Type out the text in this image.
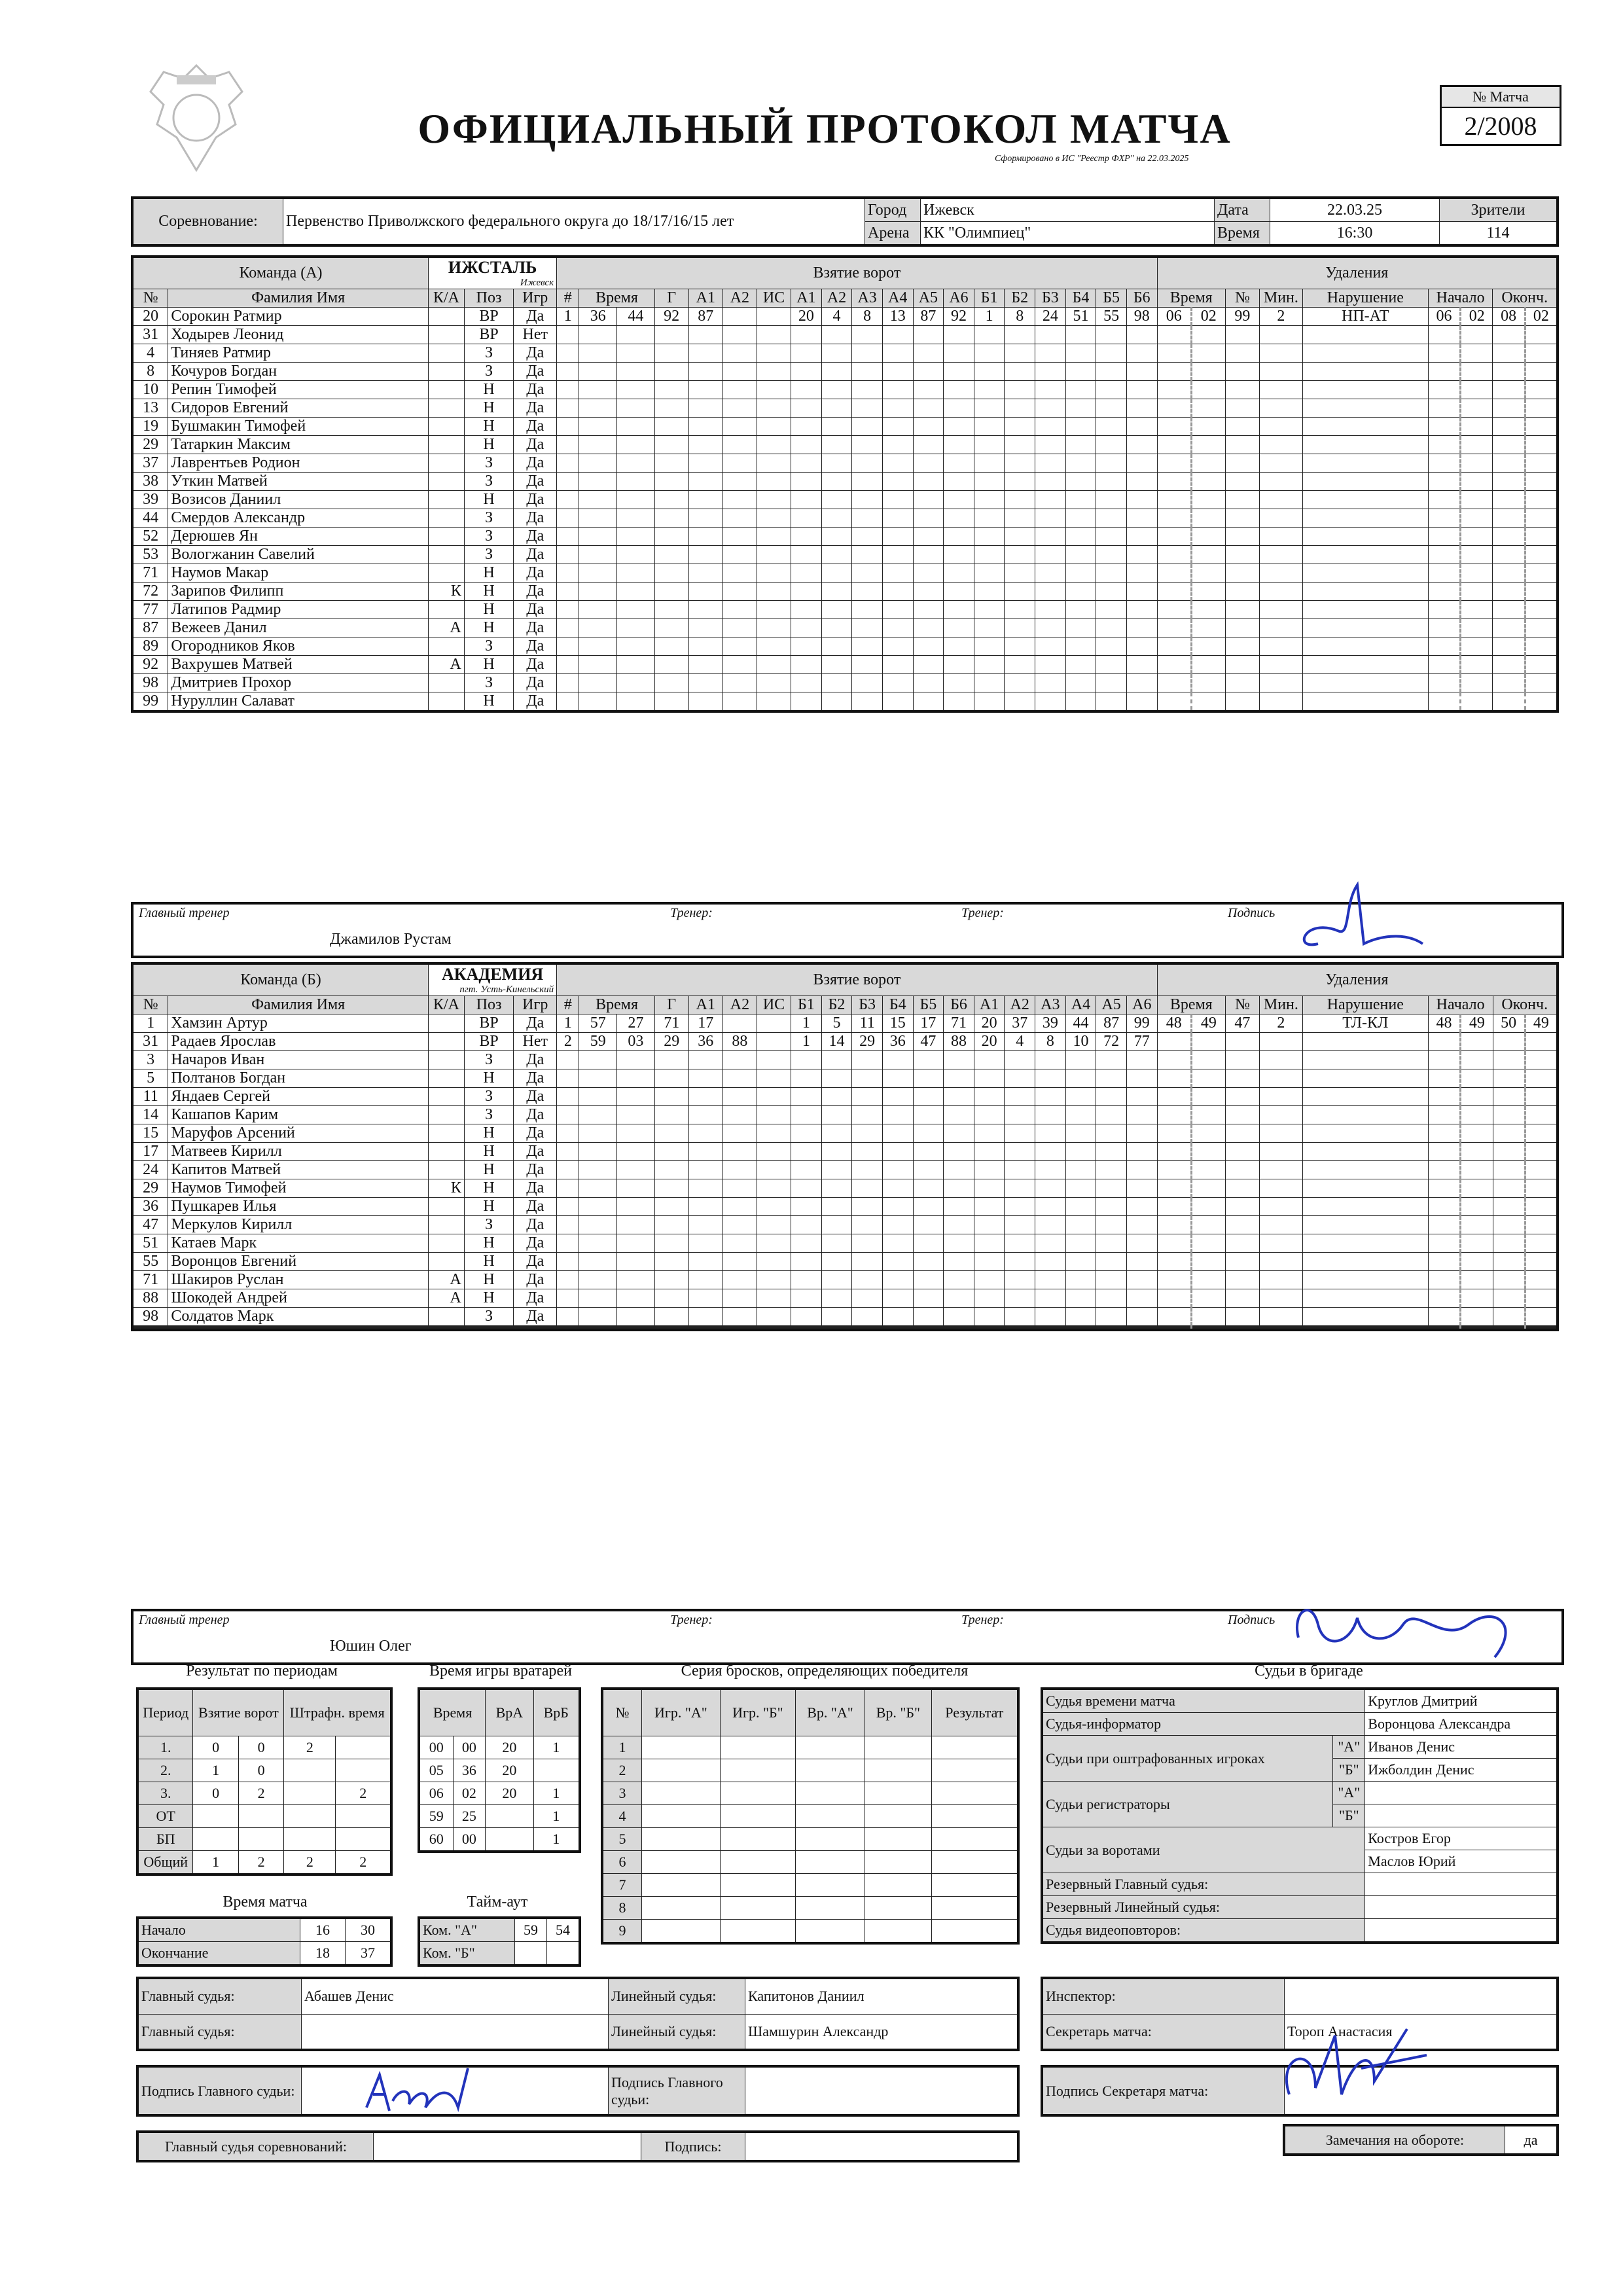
ОФИЦИАЛЬНЫЙ ПРОТОКОЛ МАТЧА
Сформировано в ИС "Реестр ФХР" на 22.03.2025
№ Матча
2/2008
Соревнование:	Первенство Приволжского федерального округа до 18/17/16/15 лет	Город	Ижевск	Дата	22.03.25	Зрители
		Арена	КК "Олимпиец"	Время	16:30	114
Команда (А)		ИЖСТАЛЬ
Ижевск			Взятие ворот																			Удаления								
№	Фамилия Имя	К/А	Поз	Игр	#	Время		Г	А1	А2	ИС	А1	А2	А3	А4	А5	А6	Б1	Б2	Б3	Б4	Б5	Б6	Время		№	Мин.	Нарушение	Начало		Оконч.	
20	Сорокин Ратмир		ВР	Да	1	36	44	92	87			20	4	8	13	87	92	1	8	24	51	55	98	06	02	99	2	НП-АТ	06	02	08	02
31	Ходырев Леонид		ВР	Нет																												
4	Тиняев Ратмир		З	Да																												
8	Кочуров Богдан		З	Да																												
10	Репин Тимофей		Н	Да																												
13	Сидоров Евгений		Н	Да																												
19	Бушмакин Тимофей		Н	Да																												
29	Татаркин Максим		Н	Да																												
37	Лаврентьев Родион		З	Да																												
38	Уткин Матвей		З	Да																												
39	Возисов Даниил		Н	Да																												
44	Смердов Александр		З	Да																												
52	Дерюшев Ян		З	Да																												
53	Вологжанин Савелий		З	Да																												
71	Наумов Макар		Н	Да																												
72	Зарипов Филипп	К	Н	Да																												
77	Латипов Радмир		Н	Да																												
87	Вежеев Данил	А	Н	Да																												
89	Огородников Яков		З	Да																												
92	Вахрушев Матвей	А	Н	Да																												
98	Дмитриев Прохор		З	Да																												
99	Нуруллин Салават		Н	Да																												
Главный тренер
Джамилов Рустам
Тренер:	Тренер:	Подпись
Команда (Б)		АКАДЕМИЯ
пгт. Усть-Кинельский			Взятие ворот																			Удаления								
№	Фамилия Имя	К/А	Поз	Игр	#	Время		Г	А1	А2	ИС	Б1	Б2	Б3	Б4	Б5	Б6	А1	А2	А3	А4	А5	А6	Время		№	Мин.	Нарушение	Начало		Оконч.	
1	Хамзин Артур		ВР	Да	1	57	27	71	17			1	5	11	15	17	71	20	37	39	44	87	99	48	49	47	2	ТЛ-КЛ	48	49	50	49
31	Радаев Ярослав		ВР	Нет	2	59	03	29	36	88		1	14	29	36	47	88	20	4	8	10	72	77									
3	Начаров Иван		З	Да																												
5	Полтанов Богдан		Н	Да																												
11	Яндаев Сергей		З	Да																												
14	Кашапов Карим		З	Да																												
15	Маруфов Арсений		Н	Да																												
17	Матвеев Кирилл		Н	Да																												
24	Капитов Матвей		Н	Да																												
29	Наумов Тимофей	К	Н	Да																												
36	Пушкарев Илья		Н	Да																												
47	Меркулов Кирилл		З	Да																												
51	Катаев Марк		Н	Да																												
55	Воронцов Евгений		Н	Да																												
71	Шакиров Руслан	А	Н	Да																												
88	Шокодей Андрей	А	Н	Да																												
98	Солдатов Марк		З	Да																												

Главный тренер
Юшин Олег
Тренер:	Тренер:	Подпись
Результат по периодам
Период	Взятие ворот		Штрафн. время	
1.	0	0	2	
2.	1	0		
3.	0	2		2
ОТ				
БП				
Общий	1	2	2	2
Время игры вратарей
Время		ВрА	ВрБ
00	00	20	1
05	36	20	
06	02	20	1
59	25		1
60	00		1
Время матча
Начало	16	30
Окончание	18	37
Тайм-аут
Ком. "А"	59	54
Ком. "Б"		
Серия бросков, определяющих победителя
№	Игр. "А"	Игр. "Б"	Вр. "А"	Вр. "Б"	Результат
1					
2					
3					
4					
5					
6					
7					
8					
9					
Судьи в бригаде
Судья времени матча		Круглов Дмитрий
Судья-информатор		Воронцова Александра
Судьи при оштрафованных игроках	"А"	Иванов Денис
	"Б"	Ижболдин Денис
Судьи регистраторы	"А"	
	"Б"	
Судьи за воротами		Костров Егор
		Маслов Юрий
Резервный Главный судья:		
Резервный Линейный судья:		
Судья видеоповторов:		
Главный судья:	Абашев Денис	Линейный судья:	Капитонов Даниил
Главный судья:		Линейный судья:	Шамшурин Александр
Инспектор:	
Секретарь матча:	Тороп Анастасия
Подпись Главного судьи:		Подпись Главного судьи:	
Подпись Секретаря матча:	
Главный судья соревнований:		Подпись:		Замечания на обороте:	да
